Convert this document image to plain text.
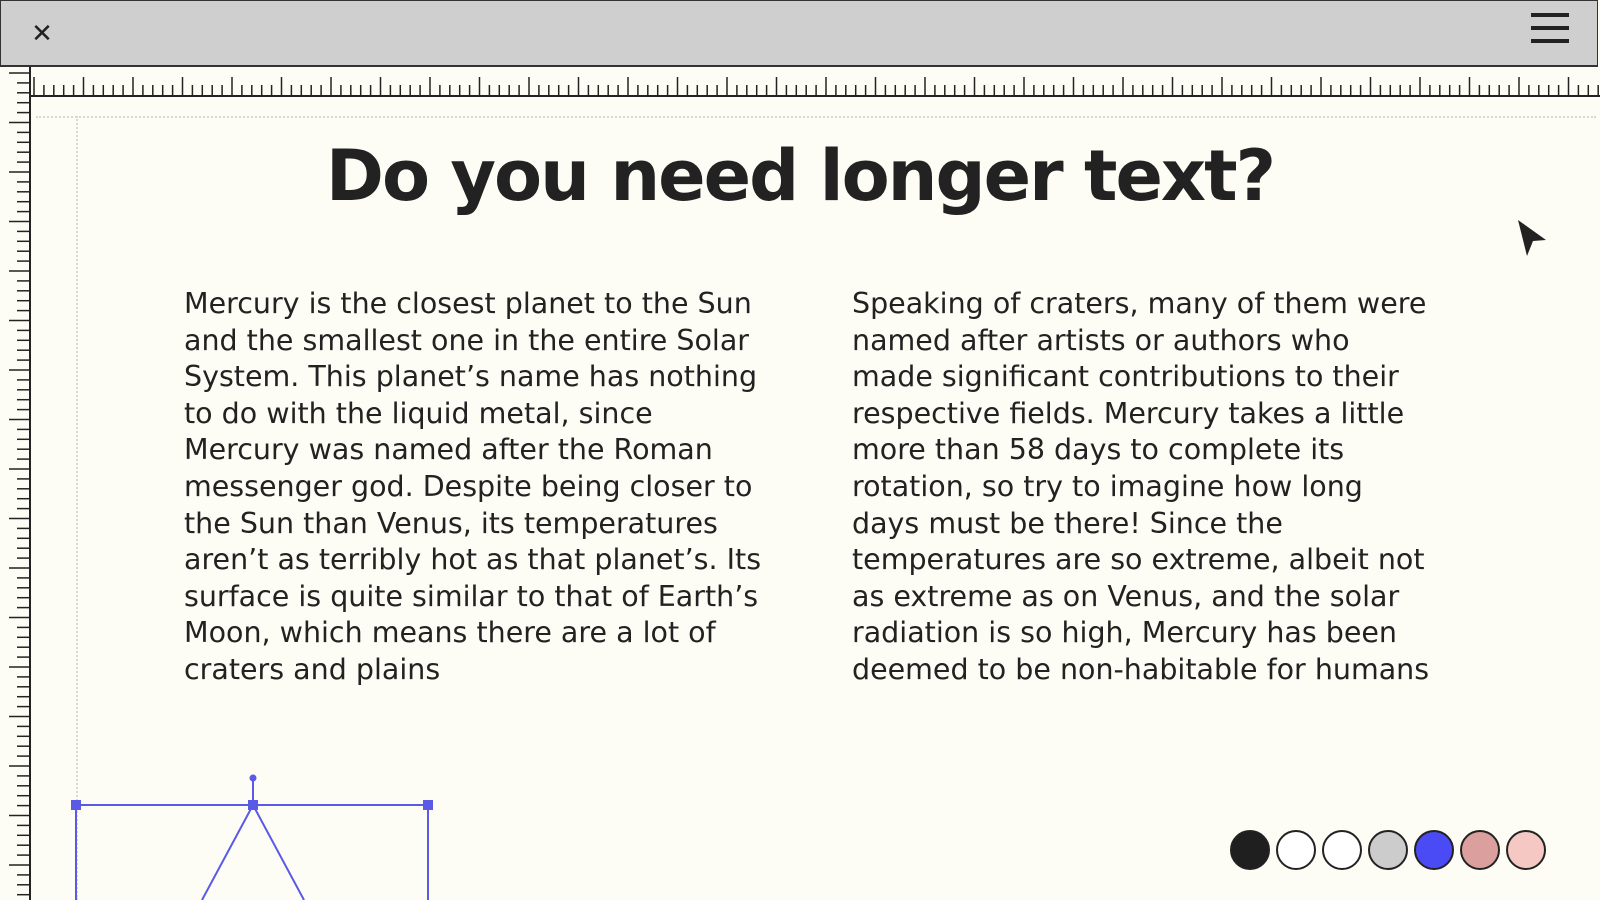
✕
Do you need longer text?

Mercury is the closest planet to the Sun and the smallest one in the entire Solar System. This planet’s name has nothing to do with the liquid metal, since Mercury was named after the Roman messenger god. Despite being closer to the Sun than Venus, its temperatures aren’t as terribly hot as that planet’s. Its surface is quite similar to that of Earth’s Moon, which means there are a lot of craters and plains

Speaking of craters, many of them were named after artists or authors who made significant contributions to their respective fields. Mercury takes a little more than 58 days to complete its rotation, so try to imagine how long days must be there! Since the temperatures are so extreme, albeit not as extreme as on Venus, and the solar radiation is so high, Mercury has been deemed to be non-habitable for humans
